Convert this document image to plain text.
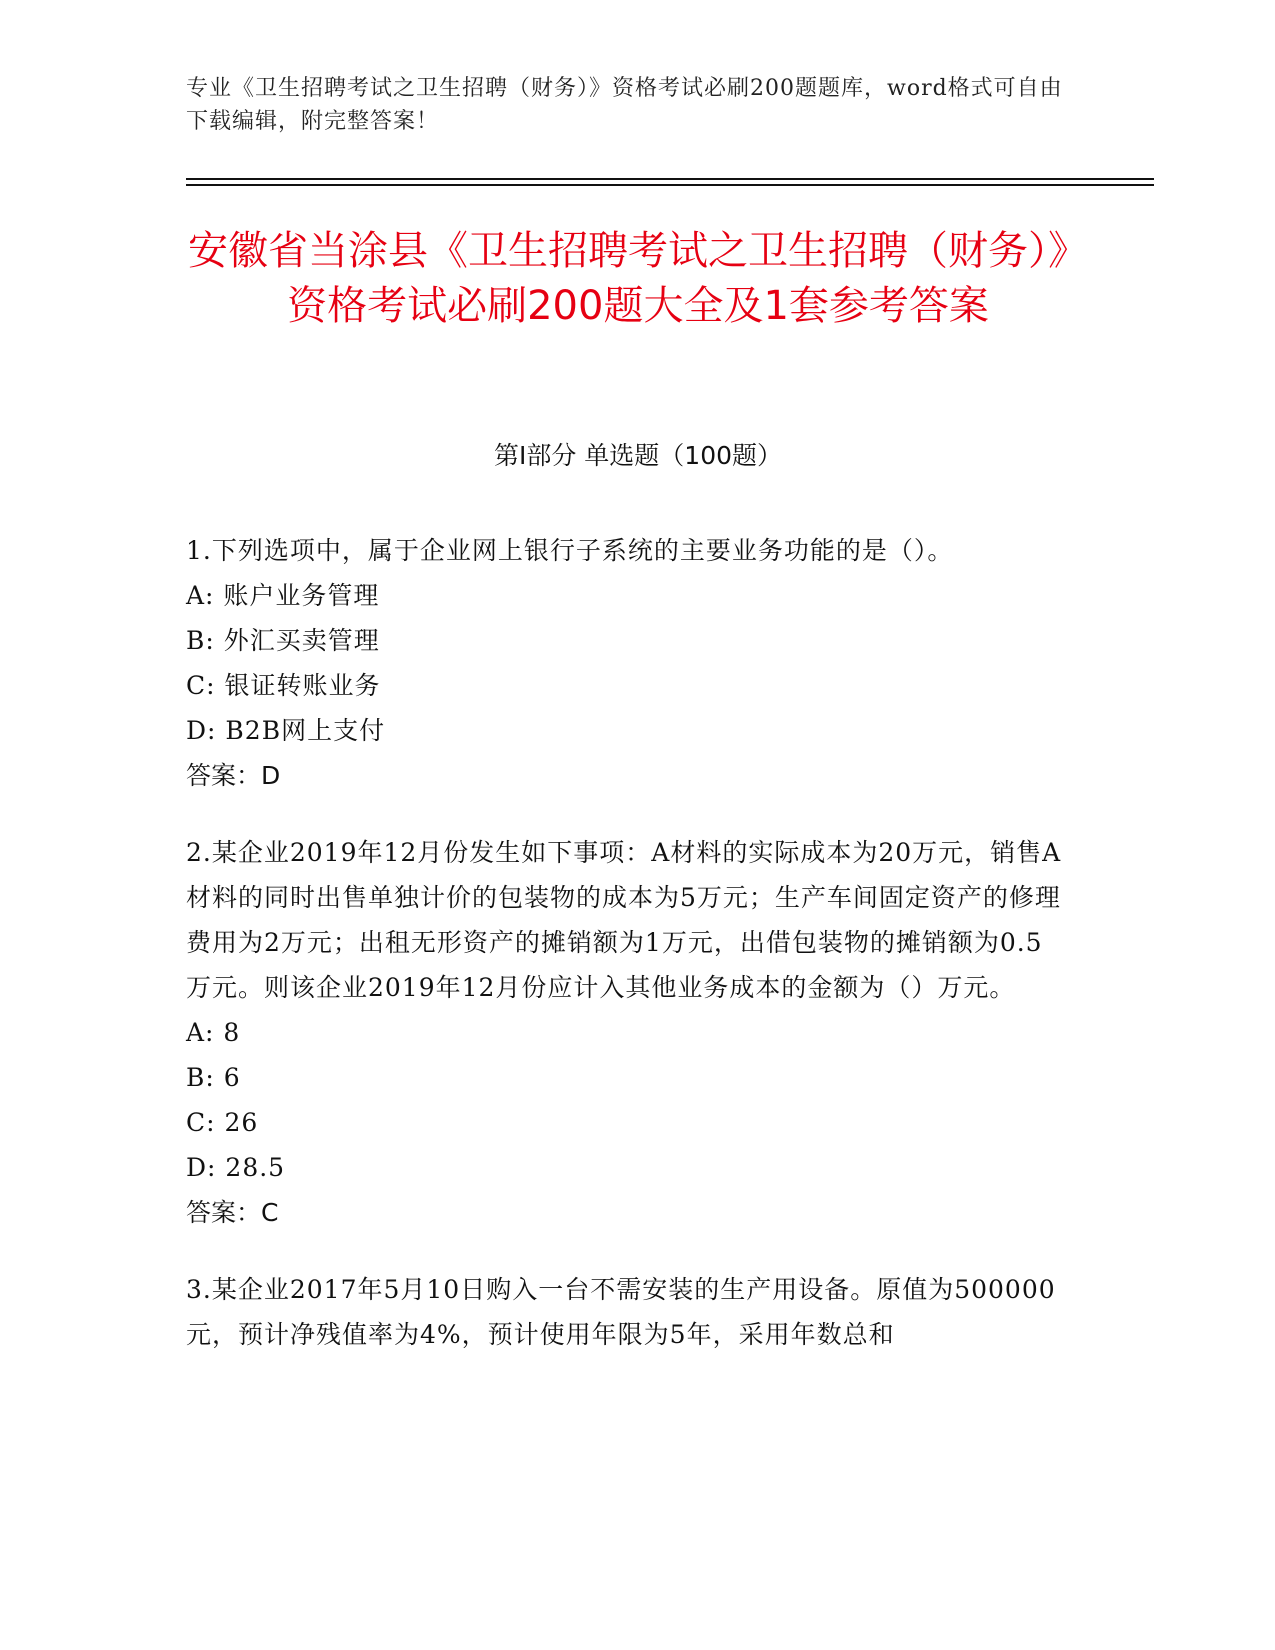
专业《卫生招聘考试之卫生招聘（财务）》资格考试必刷200题题库，word格式可自由下载编辑，附完整答案！
安徽省当涂县《卫生招聘考试之卫生招聘（财务）》资格考试必刷200题大全及1套参考答案
第I部分 单选题（100题）

1.下列选项中，属于企业网上银行子系统的主要业务功能的是（）。

A: 账户业务管理

B: 外汇买卖管理

C: 银证转账业务

D: B2B网上支付

答案：D

2.某企业2019年12月份发生如下事项：A材料的实际成本为20万元，销售A材料的同时出售单独计价的包装物的成本为5万元；生产车间固定资产的修理费用为2万元；出租无形资产的摊销额为1万元，出借包装物的摊销额为0.5万元。则该企业2019年12月份应计入其他业务成本的金额为（）万元。

A: 8

B: 6

C: 26

D: 28.5

答案：C

3.某企业2017年5月10日购入一台不需安装的生产用设备。原值为500000元，预计净残值率为4%，预计使用年限为5年，采用年数总和
